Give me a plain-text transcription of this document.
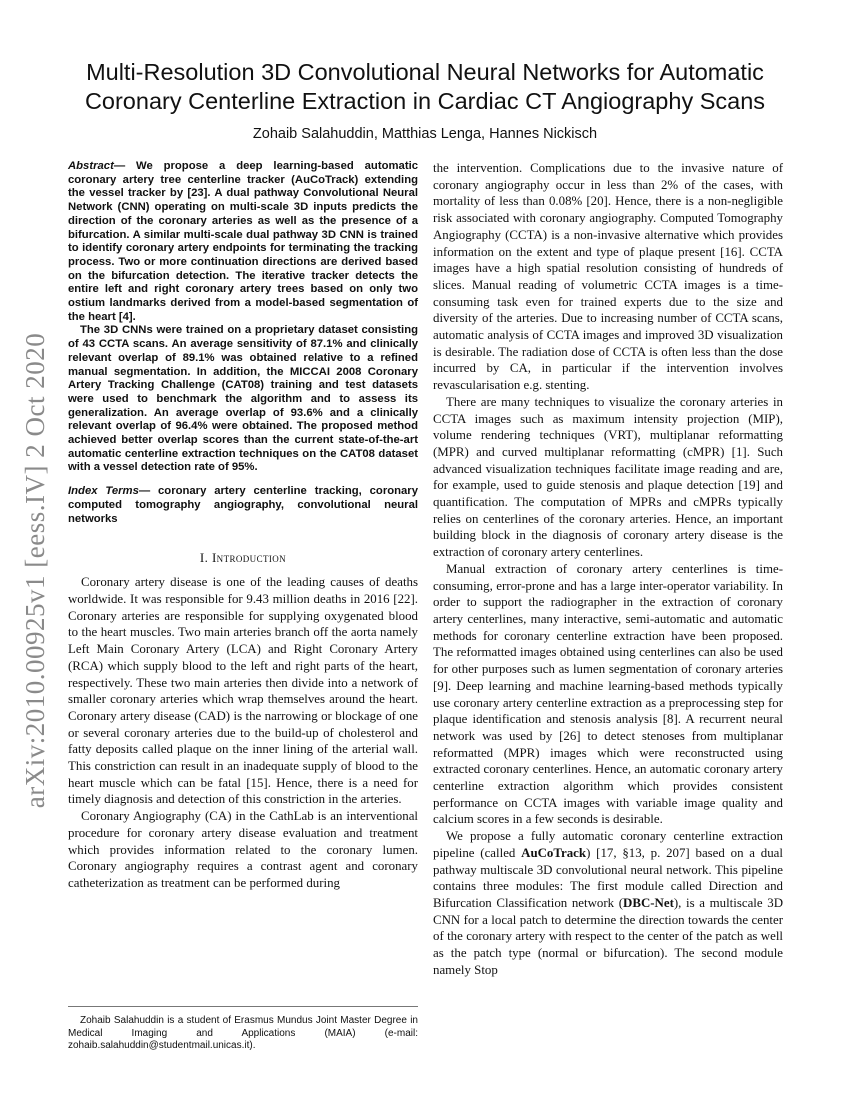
arXiv:2010.00925v1 [eess.IV] 2 Oct 2020
Multi-Resolution 3D Convolutional Neural Networks for Automatic Coronary Centerline Extraction in Cardiac CT Angiography Scans
Zohaib Salahuddin, Matthias Lenga, Hannes Nickisch

Abstract— We propose a deep learning-based automatic coronary artery tree centerline tracker (AuCoTrack) extending the vessel tracker by [23]. A dual pathway Convolutional Neural Network (CNN) operating on multi-scale 3D inputs predicts the direction of the coronary arteries as well as the presence of a bifurcation. A similar multi-scale dual pathway 3D CNN is trained to identify coronary artery endpoints for terminating the tracking process. Two or more continuation directions are derived based on the bifurcation detection. The iterative tracker detects the entire left and right coronary artery trees based on only two ostium landmarks derived from a model-based segmentation of the heart [4].

The 3D CNNs were trained on a proprietary dataset consisting of 43 CCTA scans. An average sensitivity of 87.1% and clinically relevant overlap of 89.1% was obtained relative to a refined manual segmentation. In addition, the MICCAI 2008 Coronary Artery Tracking Challenge (CAT08) training and test datasets were used to benchmark the algorithm and to assess its generalization. An average overlap of 93.6% and a clinically relevant overlap of 96.4% were obtained. The proposed method achieved better overlap scores than the current state-of-the-art automatic centerline extraction techniques on the CAT08 dataset with a vessel detection rate of 95%.

Index Terms— coronary artery centerline tracking, coronary computed tomography angiography, convolutional neural networks

I. Introduction

Coronary artery disease is one of the leading causes of deaths worldwide. It was responsible for 9.43 million deaths in 2016 [22]. Coronary arteries are responsible for supplying oxygenated blood to the heart muscles. Two main arteries branch off the aorta namely Left Main Coronary Artery (LCA) and Right Coronary Artery (RCA) which supply blood to the left and right parts of the heart, respectively. These two main arteries then divide into a network of smaller coronary arteries which wrap themselves around the heart. Coronary artery disease (CAD) is the narrowing or blockage of one or several coronary arteries due to the build-up of cholesterol and fatty deposits called plaque on the inner lining of the arterial wall. This constriction can result in an inadequate supply of blood to the heart muscle which can be fatal [15]. Hence, there is a need for timely diagnosis and detection of this constriction in the arteries.

Coronary Angiography (CA) in the CathLab is an interventional procedure for coronary artery disease evaluation and treatment which provides information related to the coronary lumen. Coronary angiography requires a contrast agent and coronary catheterization as treatment can be performed during

Zohaib Salahuddin is a student of Erasmus Mundus Joint Master Degree in Medical Imaging and Applications (MAIA) (e-mail: zohaib.salahuddin@studentmail.unicas.it).

the intervention. Complications due to the invasive nature of coronary angiography occur in less than 2% of the cases, with mortality of less than 0.08% [20]. Hence, there is a non-negligible risk associated with coronary angiography. Computed Tomography Angiography (CCTA) is a non-invasive alternative which provides information on the extent and type of plaque present [16]. CCTA images have a high spatial resolution consisting of hundreds of slices. Manual reading of volumetric CCTA images is a time-consuming task even for trained experts due to the size and diversity of the arteries. Due to increasing number of CCTA scans, automatic analysis of CCTA images and improved 3D visualization is desirable. The radiation dose of CCTA is often less than the dose incurred by CA, in particular if the intervention involves revascularisation e.g. stenting.

There are many techniques to visualize the coronary arteries in CCTA images such as maximum intensity projection (MIP), volume rendering techniques (VRT), multiplanar reformatting (MPR) and curved multiplanar reformatting (cMPR) [1]. Such advanced visualization techniques facilitate image reading and are, for example, used to guide stenosis and plaque detection [19] and quantification. The computation of MPRs and cMPRs typically relies on centerlines of the coronary arteries. Hence, an important building block in the diagnosis of coronary artery disease is the extraction of coronary artery centerlines.

Manual extraction of coronary artery centerlines is time-consuming, error-prone and has a large inter-operator variability. In order to support the radiographer in the extraction of coronary artery centerlines, many interactive, semi-automatic and automatic methods for coronary centerline extraction have been proposed. The reformatted images obtained using centerlines can also be used for other purposes such as lumen segmentation of coronary arteries [9]. Deep learning and machine learning-based methods typically use coronary artery centerline extraction as a preprocessing step for plaque identification and stenosis analysis [8]. A recurrent neural network was used by [26] to detect stenoses from multiplanar reformatted (MPR) images which were reconstructed using extracted coronary centerlines. Hence, an automatic coronary artery centerline extraction algorithm which provides consistent performance on CCTA images with variable image quality and calcium scores in a few seconds is desirable.

We propose a fully automatic coronary centerline extraction pipeline (called AuCoTrack) [17, §13, p. 207] based on a dual pathway multiscale 3D convolutional neural network. This pipeline contains three modules: The first module called Direction and Bifurcation Classification network (DBC-Net), is a multiscale 3D CNN for a local patch to determine the direction towards the center of the coronary artery with respect to the center of the patch as well as the patch type (normal or bifurcation). The second module namely Stop
